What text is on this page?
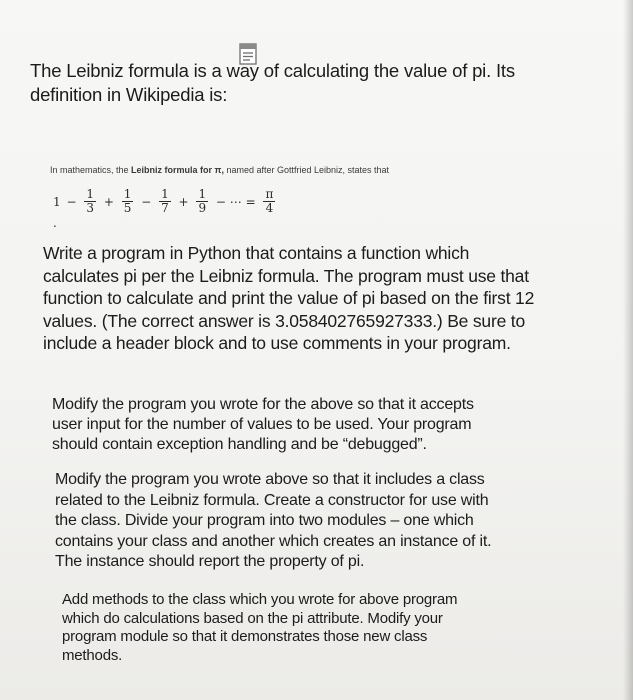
The Leibniz formula is a way of calculating the value of pi. Its
definition in Wikipedia is:

In mathematics, the Leibniz formula for π, named after Gottfried Leibniz, states that

$1 - \frac{1}{3} + \frac{1}{5} - \frac{1}{7} + \frac{1}{9}$ − ⋯ = $\frac{\pi}{4}$
.

Write a program in Python that contains a function which
calculates pi per the Leibniz formula. The program must use that
function to calculate and print the value of pi based on the first 12
values. (The correct answer is 3.058402765927333.) Be sure to
include a header block and to use comments in your program.

Modify the program you wrote for the above so that it accepts
user input for the number of values to be used. Your program
should contain exception handling and be “debugged”.

Modify the program you wrote above so that it includes a class
related to the Leibniz formula. Create a constructor for use with
the class. Divide your program into two modules – one which
contains your class and another which creates an instance of it.
The instance should report the property of pi.

Add methods to the class which you wrote for above program
which do calculations based on the pi attribute. Modify your
program module so that it demonstrates those new class
methods.
